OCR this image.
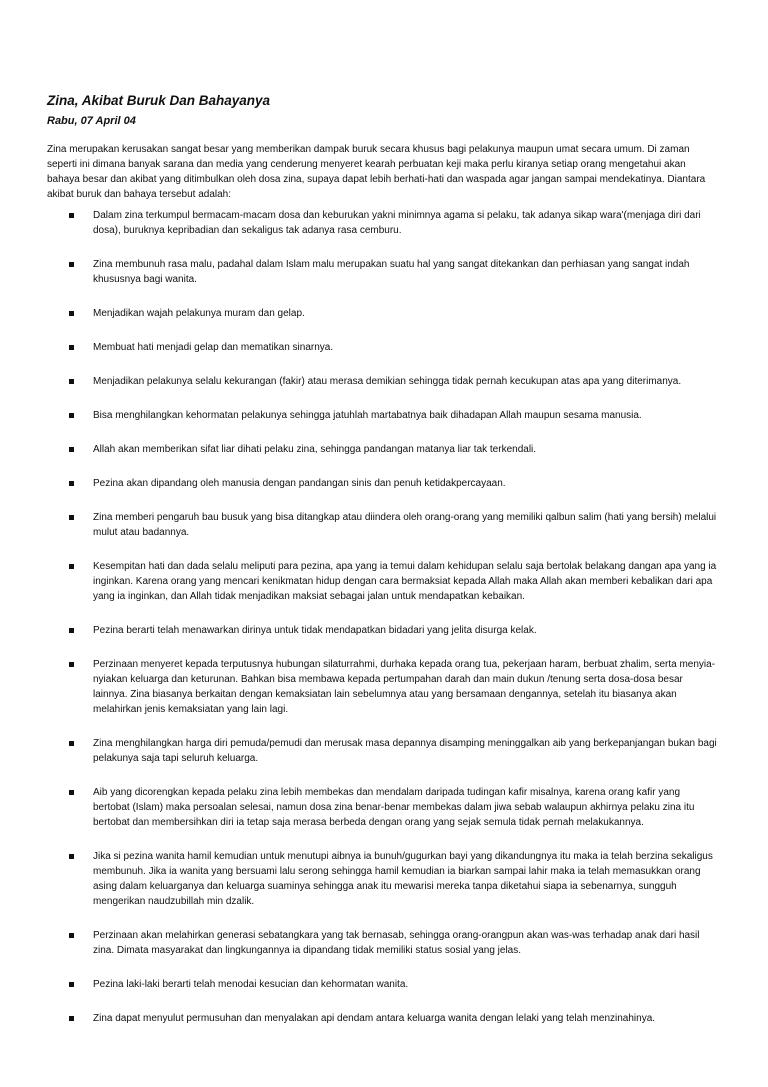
Zina, Akibat Buruk Dan Bahayanya

Rabu, 07 April 04

Zina merupakan kerusakan sangat besar yang memberikan dampak buruk secara khusus bagi pelakunya maupun umat secara umum. Di zaman seperti ini dimana banyak sarana dan media yang cenderung menyeret kearah perbuatan keji maka perlu kiranya setiap orang mengetahui akan bahaya besar dan akibat yang ditimbulkan oleh dosa zina, supaya dapat lebih berhati-hati dan waspada agar jangan sampai mendekatinya. Diantara akibat buruk dan bahaya tersebut adalah:

Dalam zina terkumpul bermacam-macam dosa dan keburukan yakni minimnya agama si pelaku, tak adanya sikap wara'(menjaga diri dari dosa), buruknya kepribadian dan sekaligus tak adanya rasa cemburu.
Zina membunuh rasa malu, padahal dalam Islam malu merupakan suatu hal yang sangat ditekankan dan perhiasan yang sangat indah khususnya bagi wanita.
Menjadikan wajah pelakunya muram dan gelap.
Membuat hati menjadi gelap dan mematikan sinarnya.
Menjadikan pelakunya selalu kekurangan (fakir) atau merasa demikian sehingga tidak pernah kecukupan atas apa yang diterimanya.
Bisa menghilangkan kehormatan pelakunya sehingga jatuhlah martabatnya baik dihadapan Allah maupun sesama manusia.
Allah akan memberikan sifat liar dihati pelaku zina, sehingga pandangan matanya liar tak terkendali.
Pezina akan dipandang oleh manusia dengan pandangan sinis dan penuh ketidakpercayaan.
Zina memberi pengaruh bau busuk yang bisa ditangkap atau diindera oleh orang-orang yang memiliki qalbun salim (hati yang bersih) melalui mulut atau badannya.
Kesempitan hati dan dada selalu meliputi para pezina, apa yang ia temui dalam kehidupan selalu saja bertolak belakang dangan apa yang ia inginkan. Karena orang yang mencari kenikmatan hidup dengan cara bermaksiat kepada Allah maka Allah akan memberi kebalikan dari apa yang ia inginkan, dan Allah tidak menjadikan maksiat sebagai jalan untuk mendapatkan kebaikan.
Pezina berarti telah menawarkan dirinya untuk tidak mendapatkan bidadari yang jelita disurga kelak.
Perzinaan menyeret kepada terputusnya hubungan silaturrahmi, durhaka kepada orang tua, pekerjaan haram, berbuat zhalim, serta menyia-nyiakan keluarga dan keturunan. Bahkan bisa membawa kepada pertumpahan darah dan main dukun /tenung serta dosa-dosa besar lainnya. Zina biasanya berkaitan dengan kemaksiatan lain sebelumnya atau yang bersamaan dengannya, setelah itu biasanya akan melahirkan jenis kemaksiatan yang lain lagi.
Zina menghilangkan harga diri pemuda/pemudi dan merusak masa depannya disamping meninggalkan aib yang berkepanjangan bukan bagi pelakunya saja tapi seluruh keluarga.
Aib yang dicorengkan kepada pelaku zina lebih membekas dan mendalam daripada tudingan kafir misalnya, karena orang kafir yang bertobat (Islam) maka persoalan selesai, namun dosa zina benar-benar membekas dalam jiwa sebab walaupun akhirnya pelaku zina itu bertobat dan membersihkan diri ia tetap saja merasa berbeda dengan orang yang sejak semula tidak pernah melakukannya.
Jika si pezina wanita hamil kemudian untuk menutupi aibnya ia bunuh/gugurkan bayi yang dikandungnya itu maka ia telah berzina sekaligus membunuh. Jika ia wanita yang bersuami lalu serong sehingga hamil kemudian ia biarkan sampai lahir maka ia telah memasukkan orang asing dalam keluarganya dan keluarga suaminya sehingga anak itu mewarisi mereka tanpa diketahui siapa ia sebenarnya, sungguh mengerikan naudzubillah min dzalik.
Perzinaan akan melahirkan generasi sebatangkara yang tak bernasab, sehingga orang-orangpun akan was-was terhadap anak dari hasil zina. Dimata masyarakat dan lingkungannya ia dipandang tidak memiliki status sosial yang jelas.
Pezina laki-laki berarti telah menodai kesucian dan kehormatan wanita.
Zina dapat menyulut permusuhan dan menyalakan api dendam antara keluarga wanita dengan lelaki yang telah menzinahinya.
